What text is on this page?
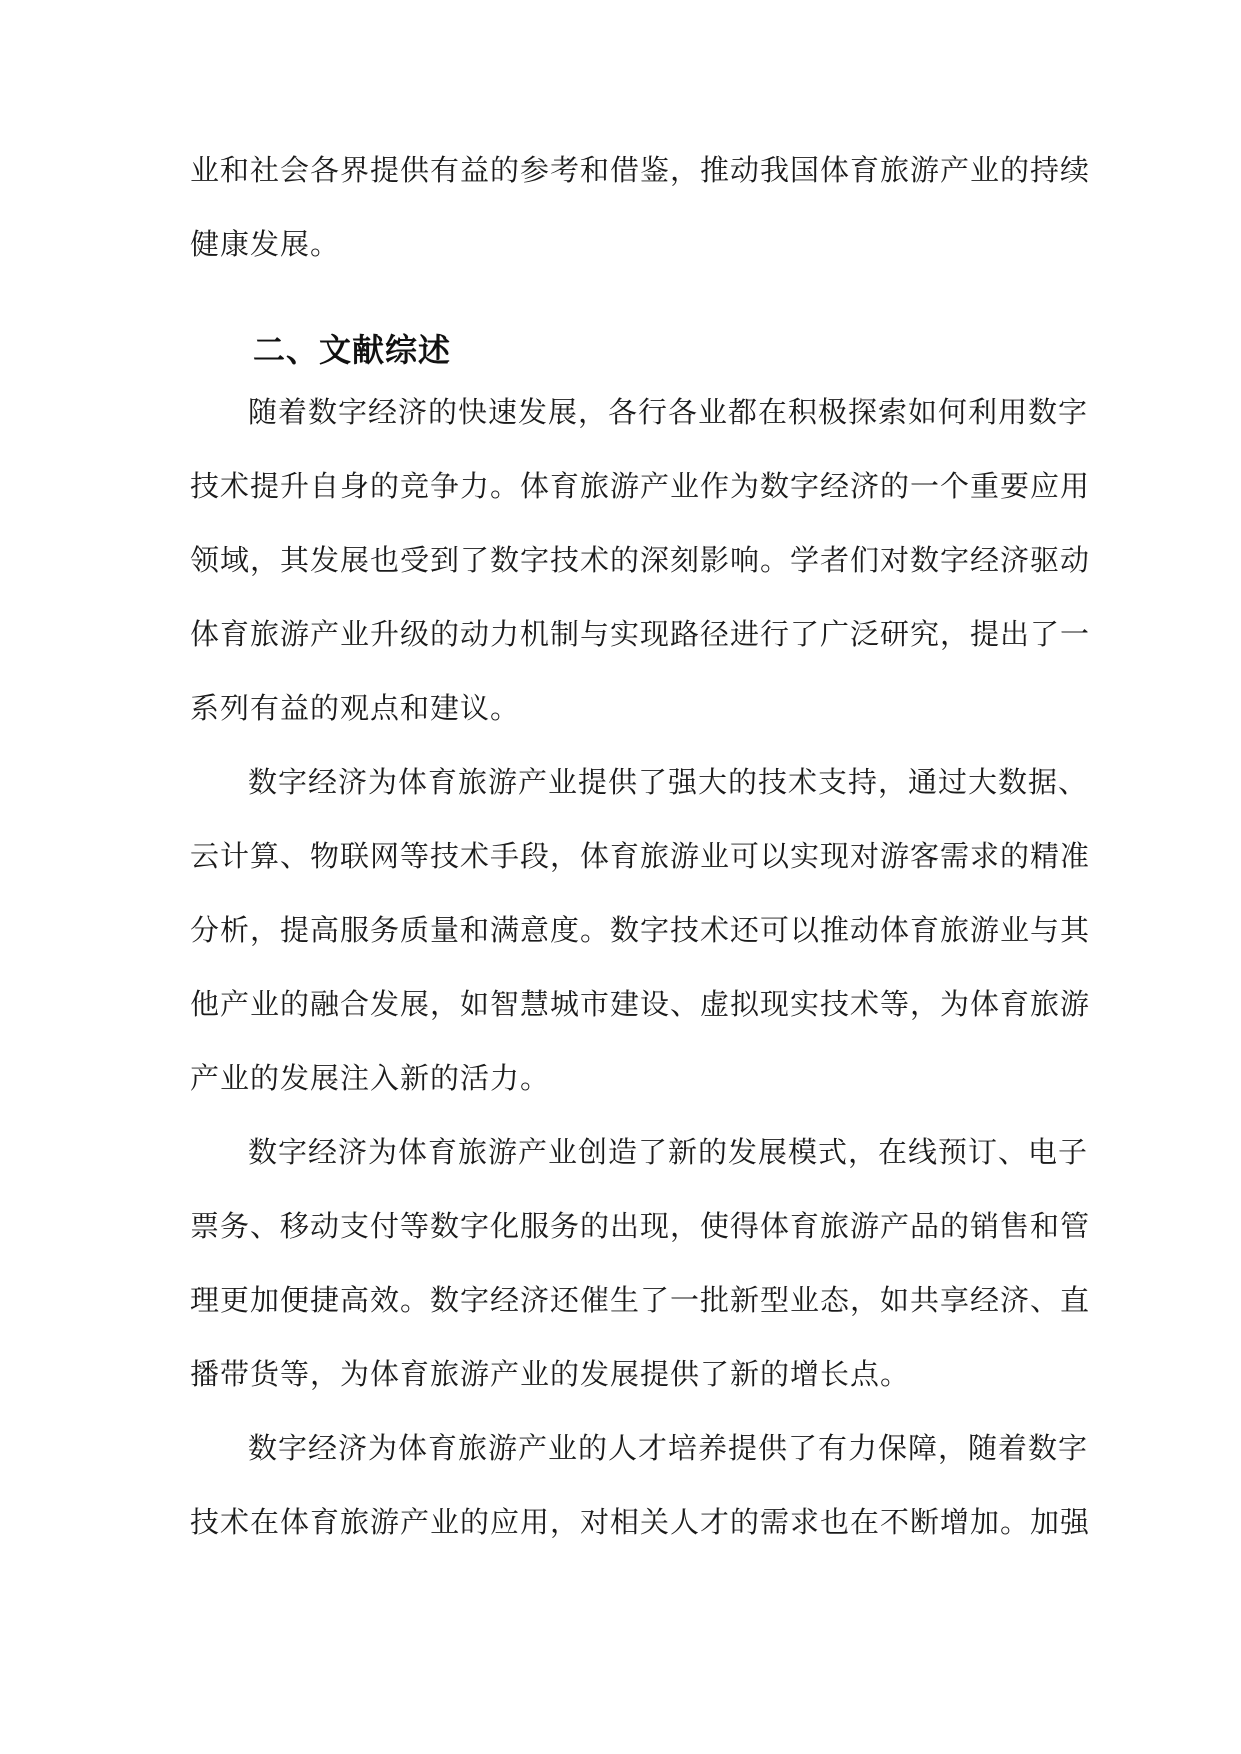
业和社会各界提供有益的参考和借鉴，推动我国体育旅游产业的持续
健康发展。
二、文献综述
随着数字经济的快速发展，各行各业都在积极探索如何利用数字
技术提升自身的竞争力。体育旅游产业作为数字经济的一个重要应用
领域，其发展也受到了数字技术的深刻影响。学者们对数字经济驱动
体育旅游产业升级的动力机制与实现路径进行了广泛研究，提出了一
系列有益的观点和建议。
数字经济为体育旅游产业提供了强大的技术支持，通过大数据、
云计算、物联网等技术手段，体育旅游业可以实现对游客需求的精准
分析，提高服务质量和满意度。数字技术还可以推动体育旅游业与其
他产业的融合发展，如智慧城市建设、虚拟现实技术等，为体育旅游
产业的发展注入新的活力。
数字经济为体育旅游产业创造了新的发展模式，在线预订、电子
票务、移动支付等数字化服务的出现，使得体育旅游产品的销售和管
理更加便捷高效。数字经济还催生了一批新型业态，如共享经济、直
播带货等，为体育旅游产业的发展提供了新的增长点。
数字经济为体育旅游产业的人才培养提供了有力保障，随着数字
技术在体育旅游产业的应用，对相关人才的需求也在不断增加。加强
